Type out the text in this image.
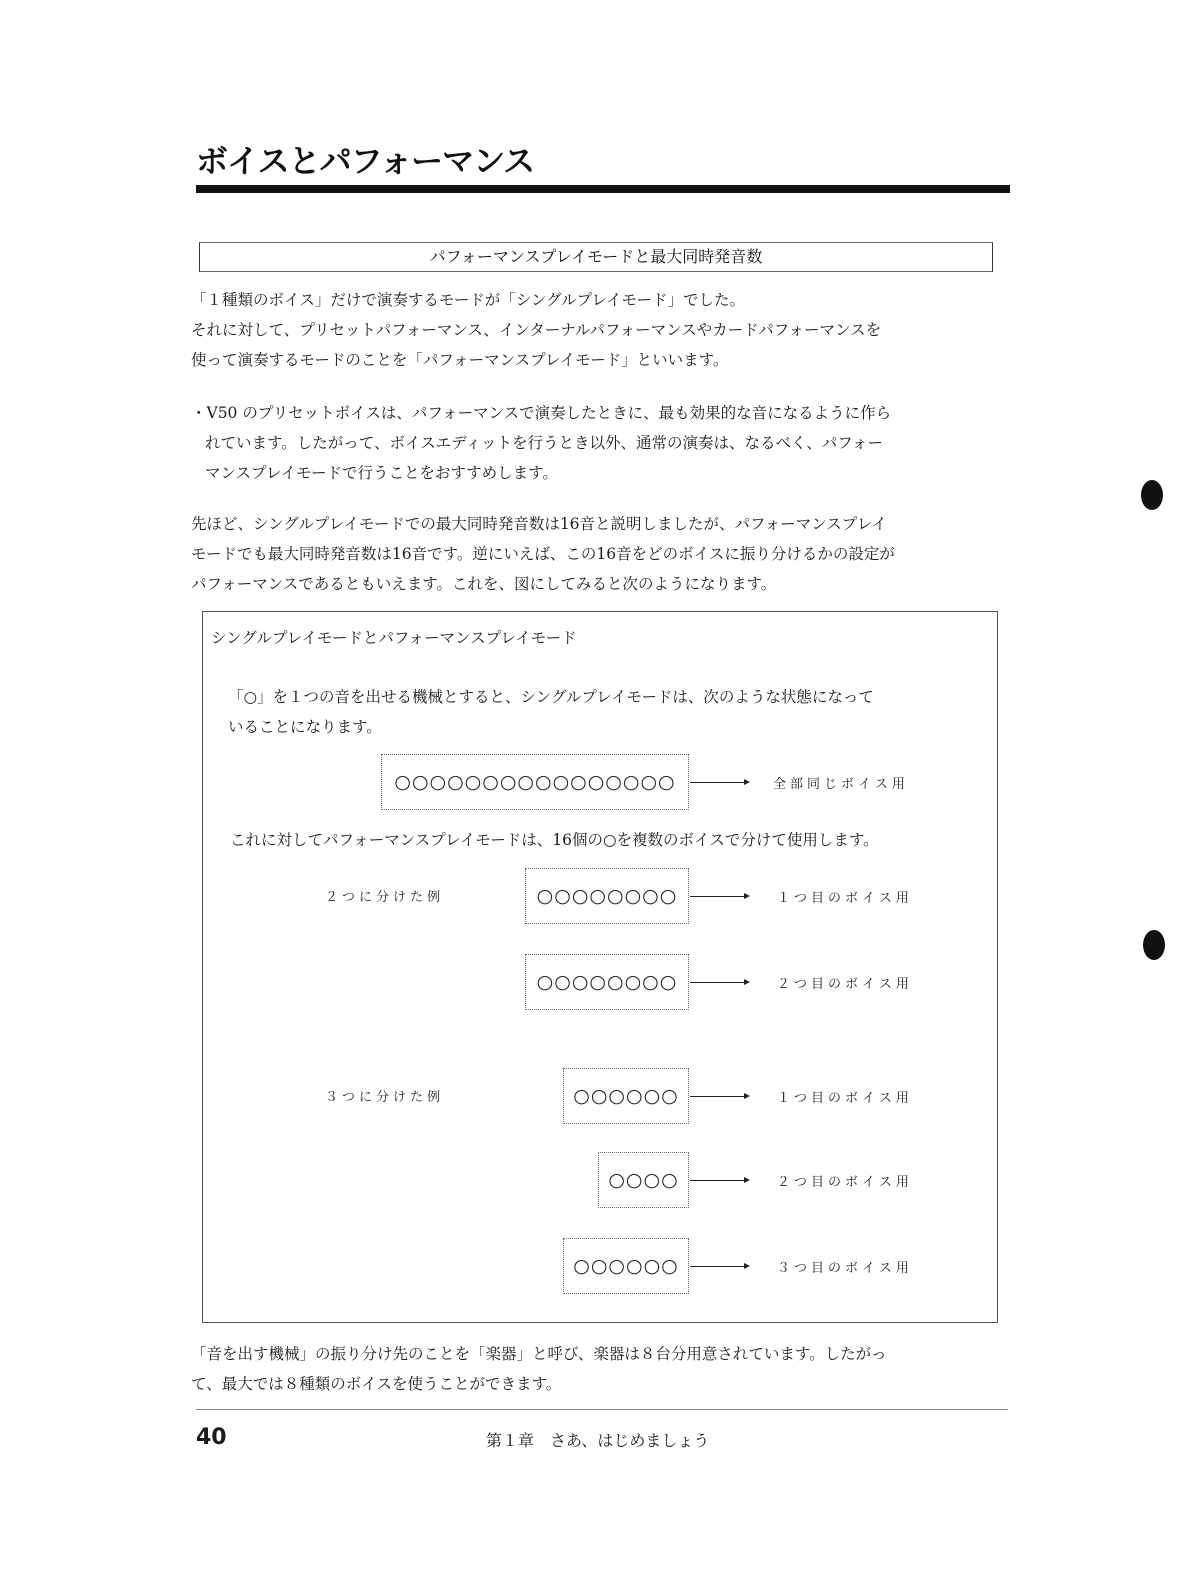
ボイスとパフォーマンス
パフォーマンスプレイモードと最大同時発音数

「１種類のボイス」だけで演奏するモードが「シングルプレイモード」でした。

それに対して、プリセットパフォーマンス、インターナルパフォーマンスやカードパフォーマンスを

使って演奏するモードのことを「パフォーマンスプレイモード」といいます。

・V50 のプリセットボイスは、パフォーマンスで演奏したときに、最も効果的な音になるように作ら

れています。したがって、ボイスエディットを行うとき以外、通常の演奏は、なるべく、パフォー

マンスプレイモードで行うことをおすすめします。

先ほど、シングルプレイモードでの最大同時発音数は16音と説明しましたが、パフォーマンスプレイ

モードでも最大同時発音数は16音です。逆にいえば、この16音をどのボイスに振り分けるかの設定が

パフォーマンスであるともいえます。これを、図にしてみると次のようになります。

シングルプレイモードとパフォーマンスプレイモード
「○」を１つの音を出せる機械とすると、シングルプレイモードは、次のような状態になって
いることになります。
○○○○○○○○○○○○○○○○	全部同じボイス用
これに対してパフォーマンスプレイモードは、16個の○を複数のボイスで分けて使用します。
２つに分けた例	○○○○○○○○	１つ目のボイス用
○○○○○○○○	２つ目のボイス用
３つに分けた例	○○○○○○	１つ目のボイス用
○○○○	２つ目のボイス用
○○○○○○	３つ目のボイス用

「音を出す機械」の振り分け先のことを「楽器」と呼び、楽器は８台分用意されています。したがっ

て、最大では８種類のボイスを使うことができます。

40	第１章　さあ、はじめましょう
